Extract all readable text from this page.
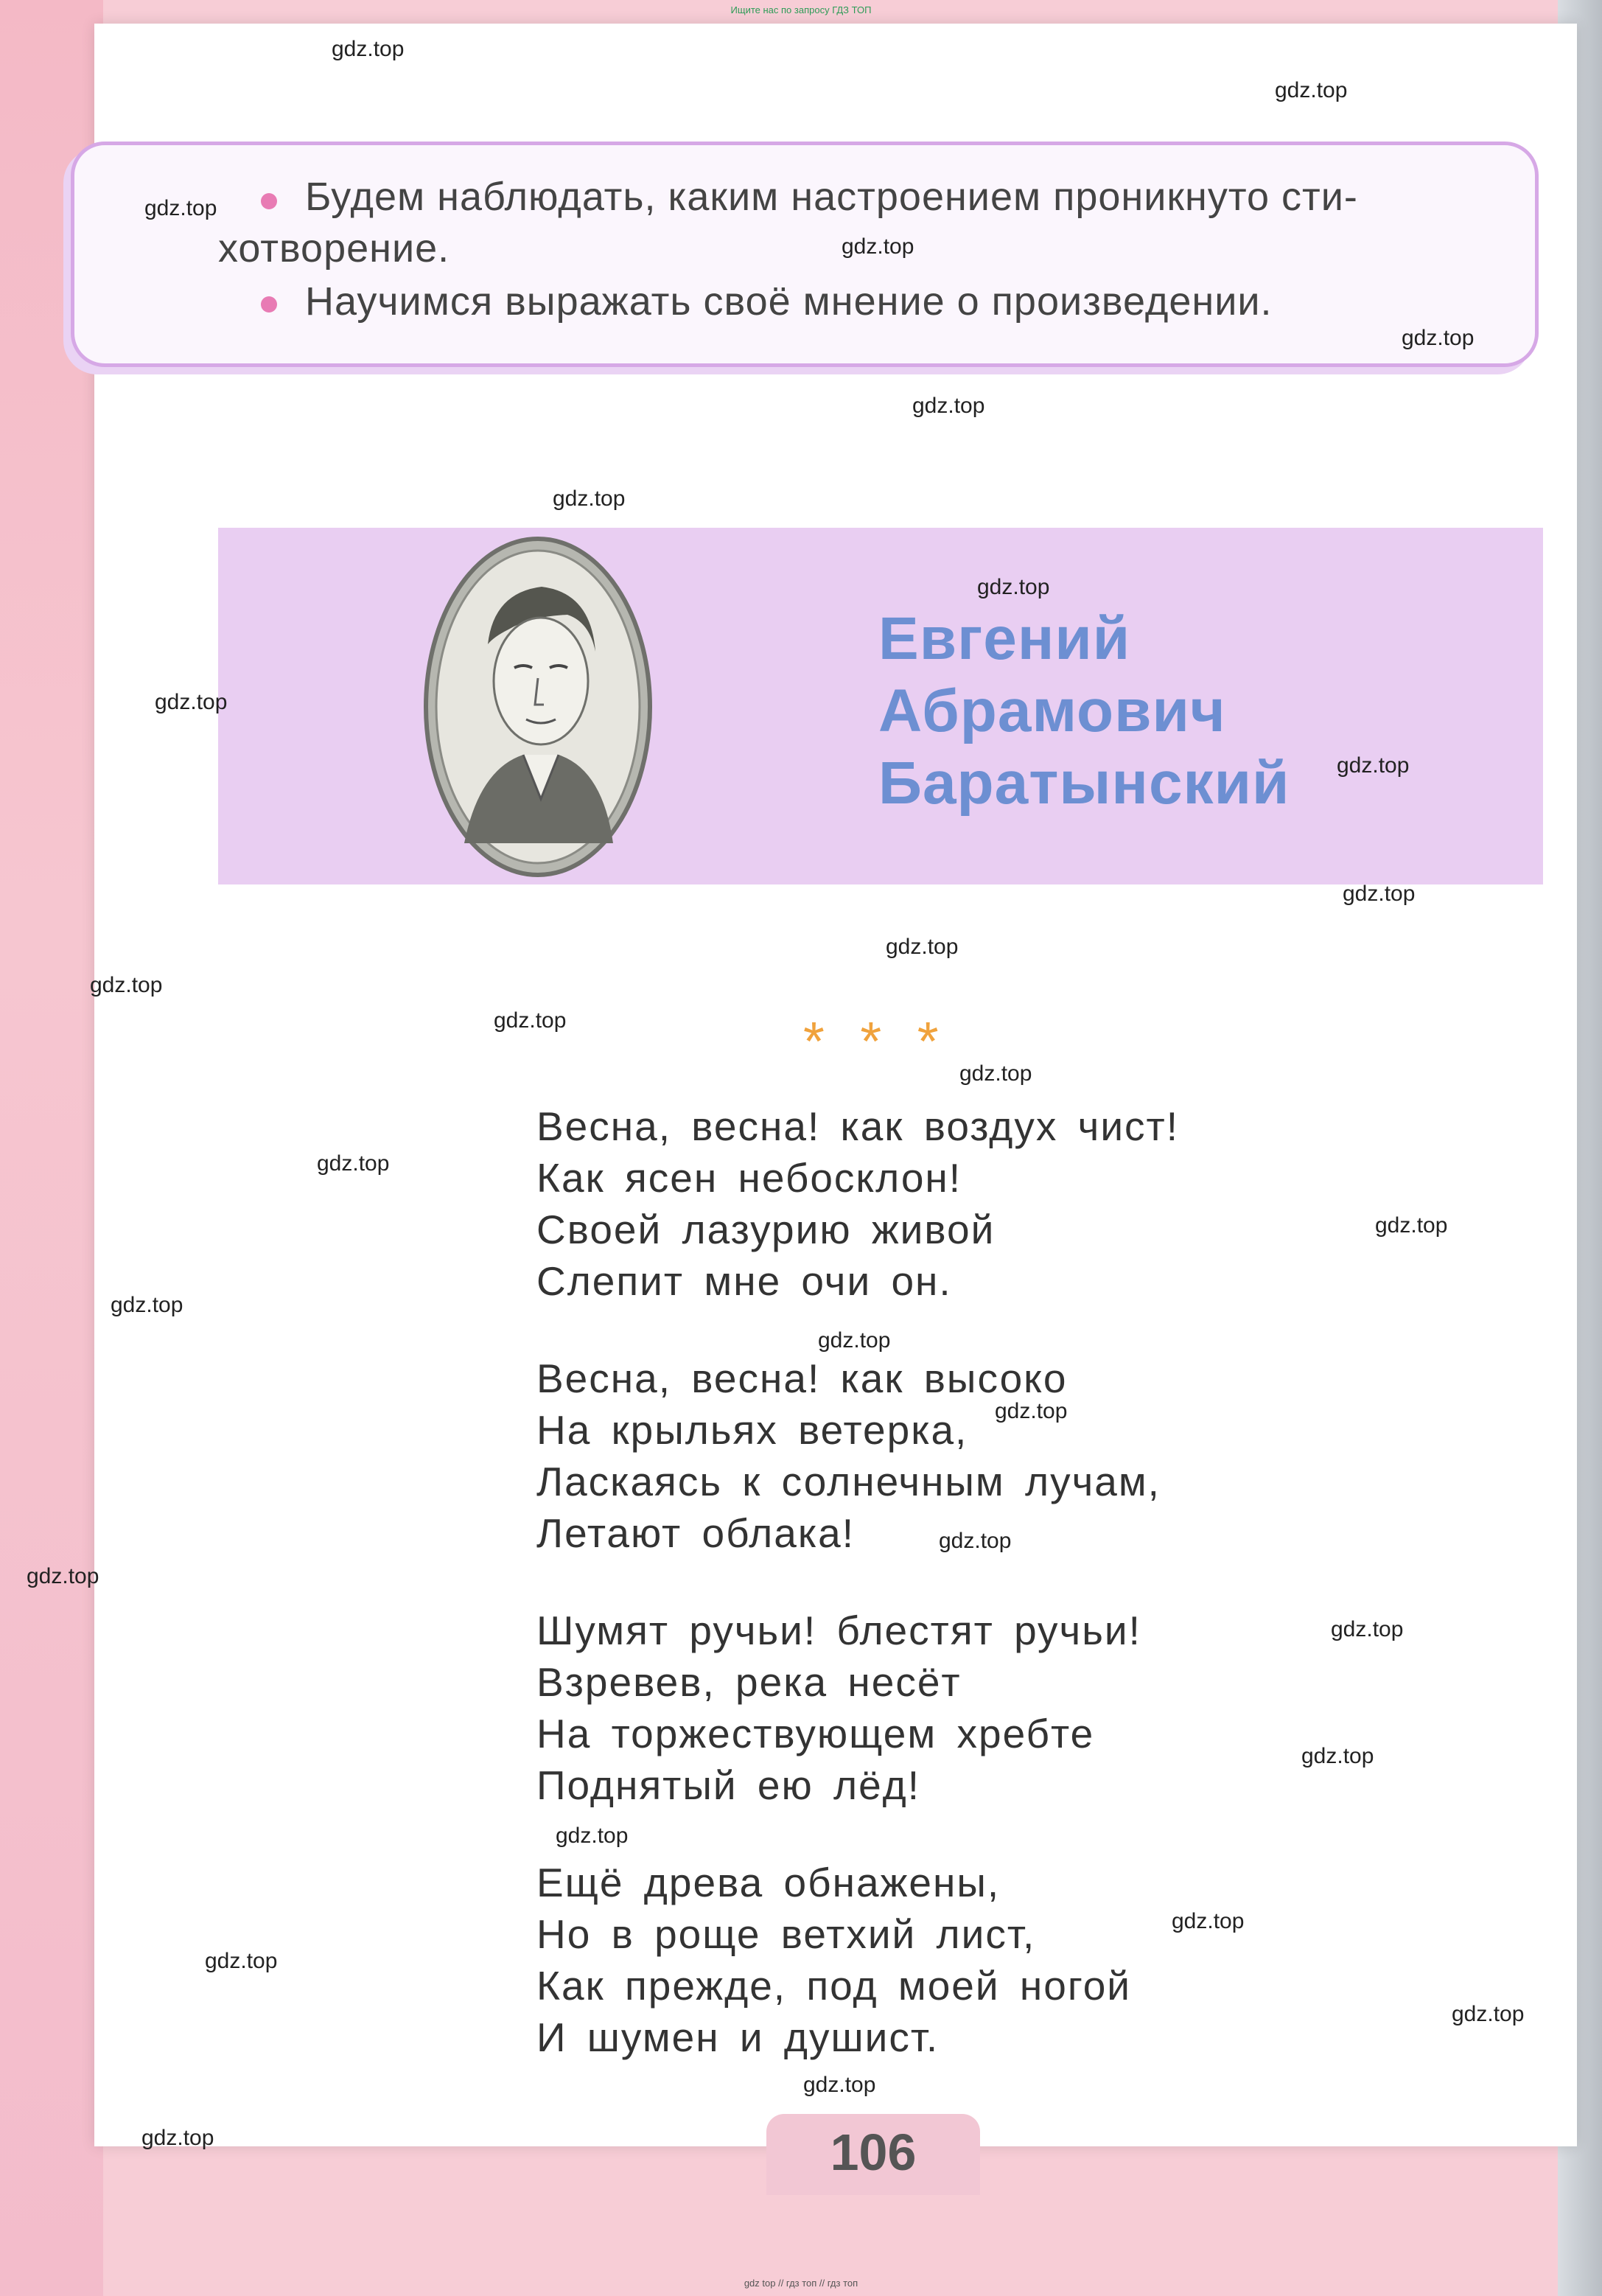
Ищите нас по запросу ГДЗ ТОП
Будем наблюдать, каким настроением проникнуто сти-
хотворение.
Научимся выражать своё мнение о произведении.
Евгений
Абрамович
Баратынский
* * *
Весна, весна! как воздух чист!
Как ясен небосклон!
Своей лазурию живой
Слепит мне очи он.
Весна, весна! как высоко
На крыльях ветерка,
Ласкаясь к солнечным лучам,
Летают облака!
Шумят ручьи! блестят ручьи!
Взревев, река несёт
На торжествующем хребте
Поднятый ею лёд!
Ещё древа обнажены,
Но в роще ветхий лист,
Как прежде, под моей ногой
И шумен и душист.
106
gdz.top
gdz.top
gdz.top
gdz.top
gdz.top
gdz.top
gdz.top
gdz.top
gdz.top
gdz.top
gdz.top
gdz.top
gdz.top
gdz.top
gdz.top
gdz.top
gdz.top
gdz.top
gdz.top
gdz.top
gdz.top
gdz.top
gdz.top
gdz.top
gdz.top
gdz.top
gdz.top
gdz.top
gdz.top
gdz.top
gdz top // гдз топ // гдз топ
